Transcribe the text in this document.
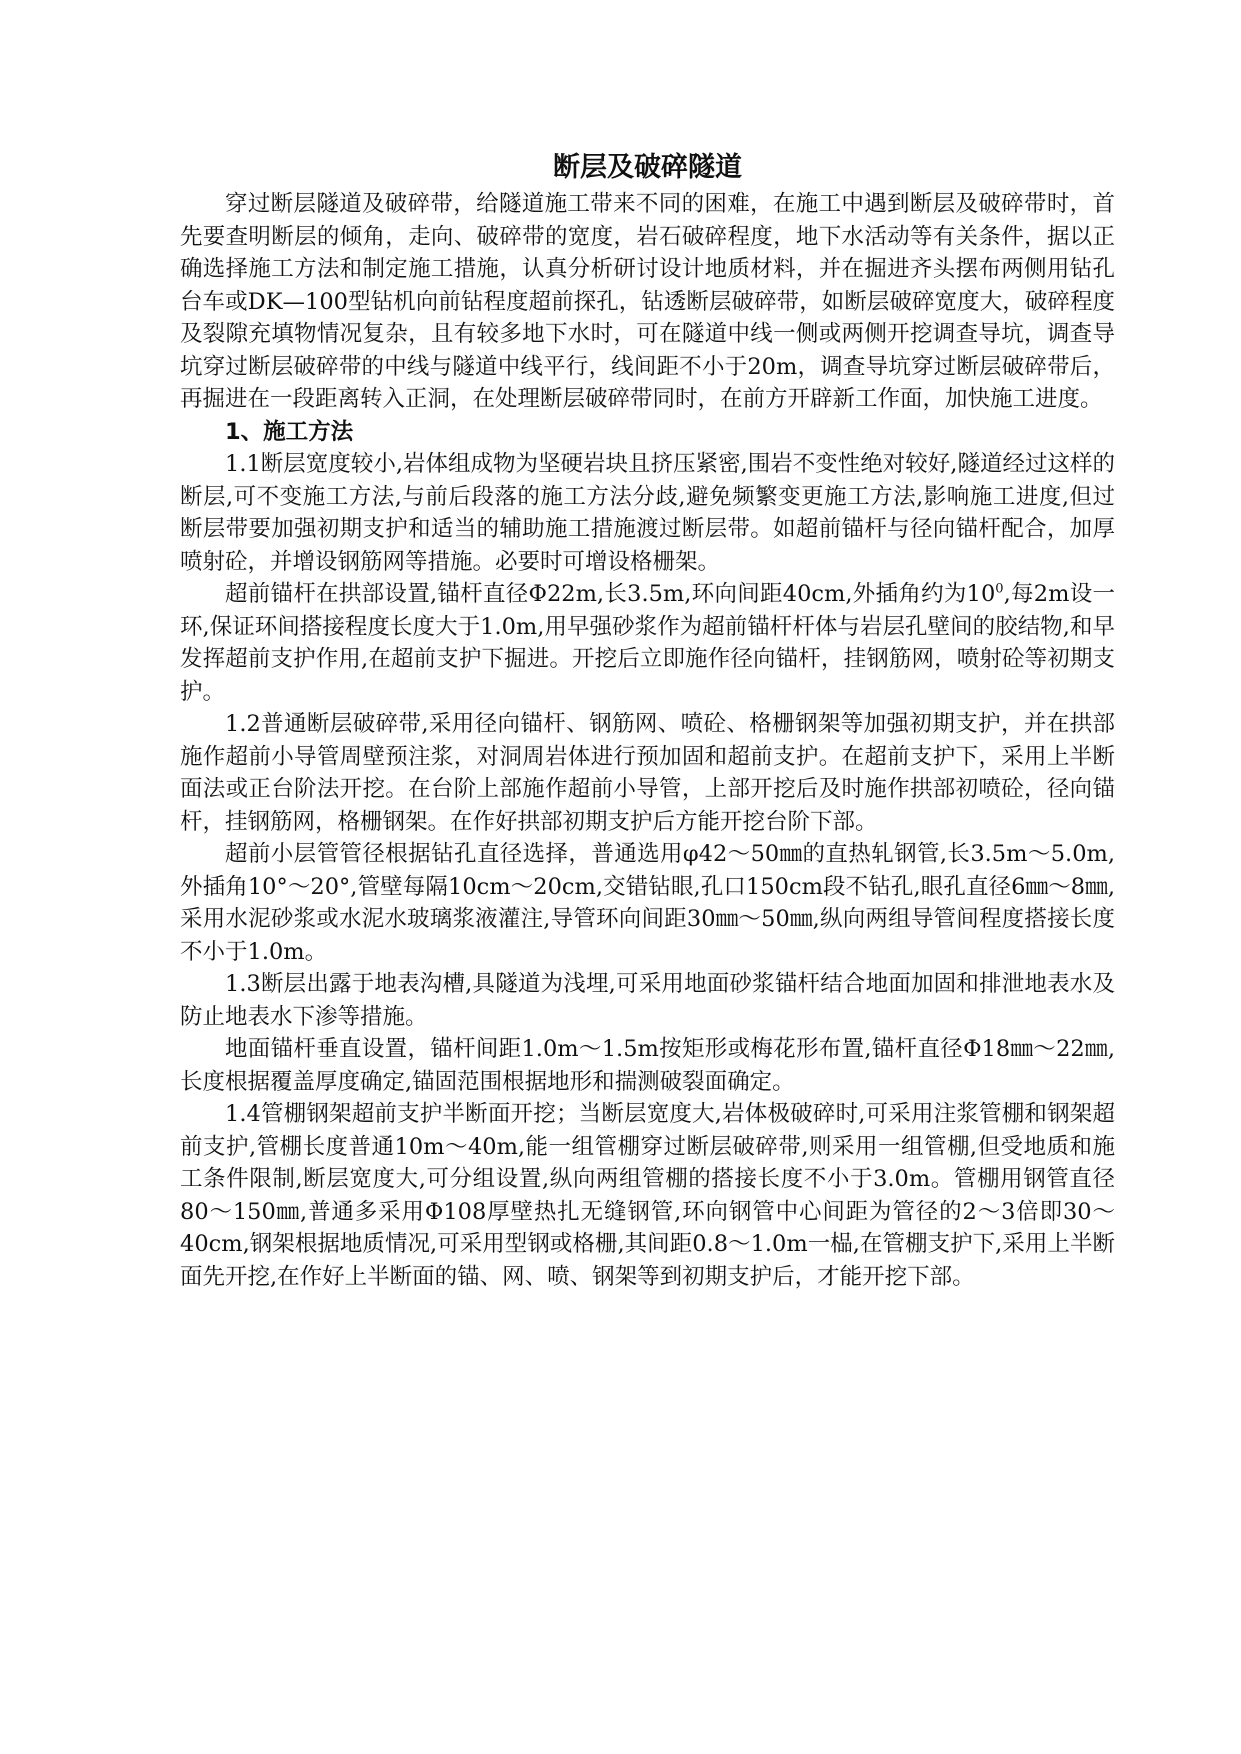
断层及破碎隧道

穿过断层隧道及破碎带，给隧道施工带来不同的困难，在施工中遇到断层及破碎带时，首先要查明断层的倾角，走向、破碎带的宽度，岩石破碎程度，地下水活动等有关条件，据以正确选择施工方法和制定施工措施，认真分析研讨设计地质材料，并在掘进齐头摆布两侧用钻孔台车或DK—100型钻机向前钻程度超前探孔，钻透断层破碎带，如断层破碎宽度大，破碎程度及裂隙充填物情况复杂，且有较多地下水时，可在隧道中线一侧或两侧开挖调查导坑，调查导坑穿过断层破碎带的中线与隧道中线平行，线间距不小于20m，调查导坑穿过断层破碎带后，再掘进在一段距离转入正洞，在处理断层破碎带同时，在前方开辟新工作面，加快施工进度。

1、施工方法

1.1断层宽度较小,岩体组成物为坚硬岩块且挤压紧密,围岩不变性绝对较好,隧道经过这样的断层,可不变施工方法,与前后段落的施工方法分歧,避免频繁变更施工方法,影响施工进度,但过断层带要加强初期支护和适当的辅助施工措施渡过断层带。如超前锚杆与径向锚杆配合，加厚喷射砼，并增设钢筋网等措施。必要时可增设格栅架。

超前锚杆在拱部设置,锚杆直径Φ22m,长3.5m,环向间距40cm,外插角约为$10^0$,每2m设一环,保证环间搭接程度长度大于1.0m,用早强砂浆作为超前锚杆杆体与岩层孔壁间的胶结物,和早发挥超前支护作用,在超前支护下掘进。开挖后立即施作径向锚杆，挂钢筋网，喷射砼等初期支护。

1.2普通断层破碎带,采用径向锚杆、钢筋网、喷砼、格栅钢架等加强初期支护，并在拱部施作超前小导管周壁预注浆，对洞周岩体进行预加固和超前支护。在超前支护下，采用上半断面法或正台阶法开挖。在台阶上部施作超前小导管，上部开挖后及时施作拱部初喷砼，径向锚杆，挂钢筋网，格栅钢架。在作好拱部初期支护后方能开挖台阶下部。

超前小层管管径根据钻孔直径选择，普通选用φ42～50㎜的直热轧钢管,长3.5m～5.0m,外插角10°～20°,管壁每隔10cm～20cm,交错钻眼,孔口150cm段不钻孔,眼孔直径6㎜～8㎜,采用水泥砂浆或水泥水玻璃浆液灌注,导管环向间距30㎜～50㎜,纵向两组导管间程度搭接长度不小于1.0m。

1.3断层出露于地表沟槽,具隧道为浅埋,可采用地面砂浆锚杆结合地面加固和排泄地表水及防止地表水下渗等措施。

地面锚杆垂直设置，锚杆间距1.0m～1.5m按矩形或梅花形布置,锚杆直径Φ18㎜～22㎜,长度根据覆盖厚度确定,锚固范围根据地形和揣测破裂面确定。

1.4管棚钢架超前支护半断面开挖；当断层宽度大,岩体极破碎时,可采用注浆管棚和钢架超前支护,管棚长度普通10m～40m,能一组管棚穿过断层破碎带,则采用一组管棚,但受地质和施工条件限制,断层宽度大,可分组设置,纵向两组管棚的搭接长度不小于3.0m。管棚用钢管直径80～150㎜,普通多采用Φ108厚壁热扎无缝钢管,环向钢管中心间距为管径的2～3倍即30～40cm,钢架根据地质情况,可采用型钢或格栅,其间距0.8～1.0m一榀,在管棚支护下,采用上半断面先开挖,在作好上半断面的锚、网、喷、钢架等到初期支护后，才能开挖下部。
